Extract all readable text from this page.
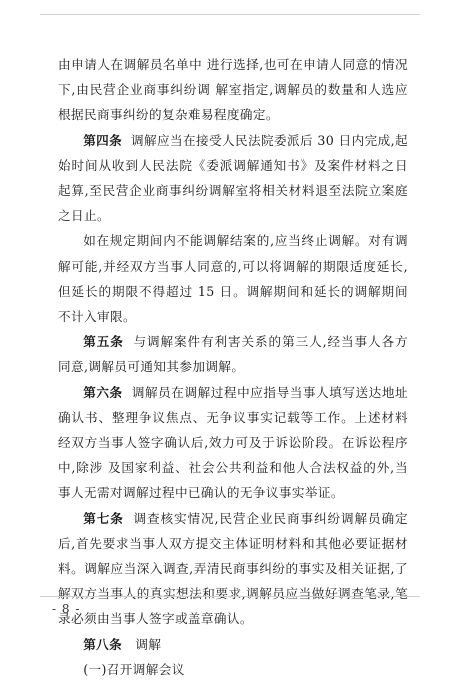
由申请人在调解员名单中 进行选择,也可在申请人同意的情况下,由民营企业商事纠纷调 解室指定,调解员的数量和人选应根据民商事纠纷的复杂难易程度确定。

第四条 调解应当在接受人民法院委派后 30 日内完成,起始时间从收到人民法院《委派调解通知书》及案件材料之日起算,至民营企业商事纠纷调解室将相关材料退至法院立案庭之日止。

如在规定期间内不能调解结案的,应当终止调解。对有调解可能,并经双方当事人同意的,可以将调解的期限适度延长,但延长的期限不得超过 15 日。调解期间和延长的调解期间不计入审限。

第五条 与调解案件有利害关系的第三人,经当事人各方同意,调解员可通知其参加调解。

第六条 调解员在调解过程中应指导当事人填写送达地址确认书、整理争议焦点、无争议事实记载等工作。上述材料经双方当事人签字确认后,效力可及于诉讼阶段。在诉讼程序中,除涉 及国家利益、社会公共利益和他人合法权益的外,当事人无需对调解过程中已确认的无争议事实举证。

第七条 调查核实情况,民营企业民商事纠纷调解员确定后,首先要求当事人双方提交主体证明材料和其他必要证据材料。调解应当深入调查,弄清民商事纠纷的事实及相关证据,了 解双方当事人的真实想法和要求,调解员应当做好调查笔录,笔 录必须由当事人签字或盖章确认。

第八条 调解

(一)召开调解会议

- 8 -
